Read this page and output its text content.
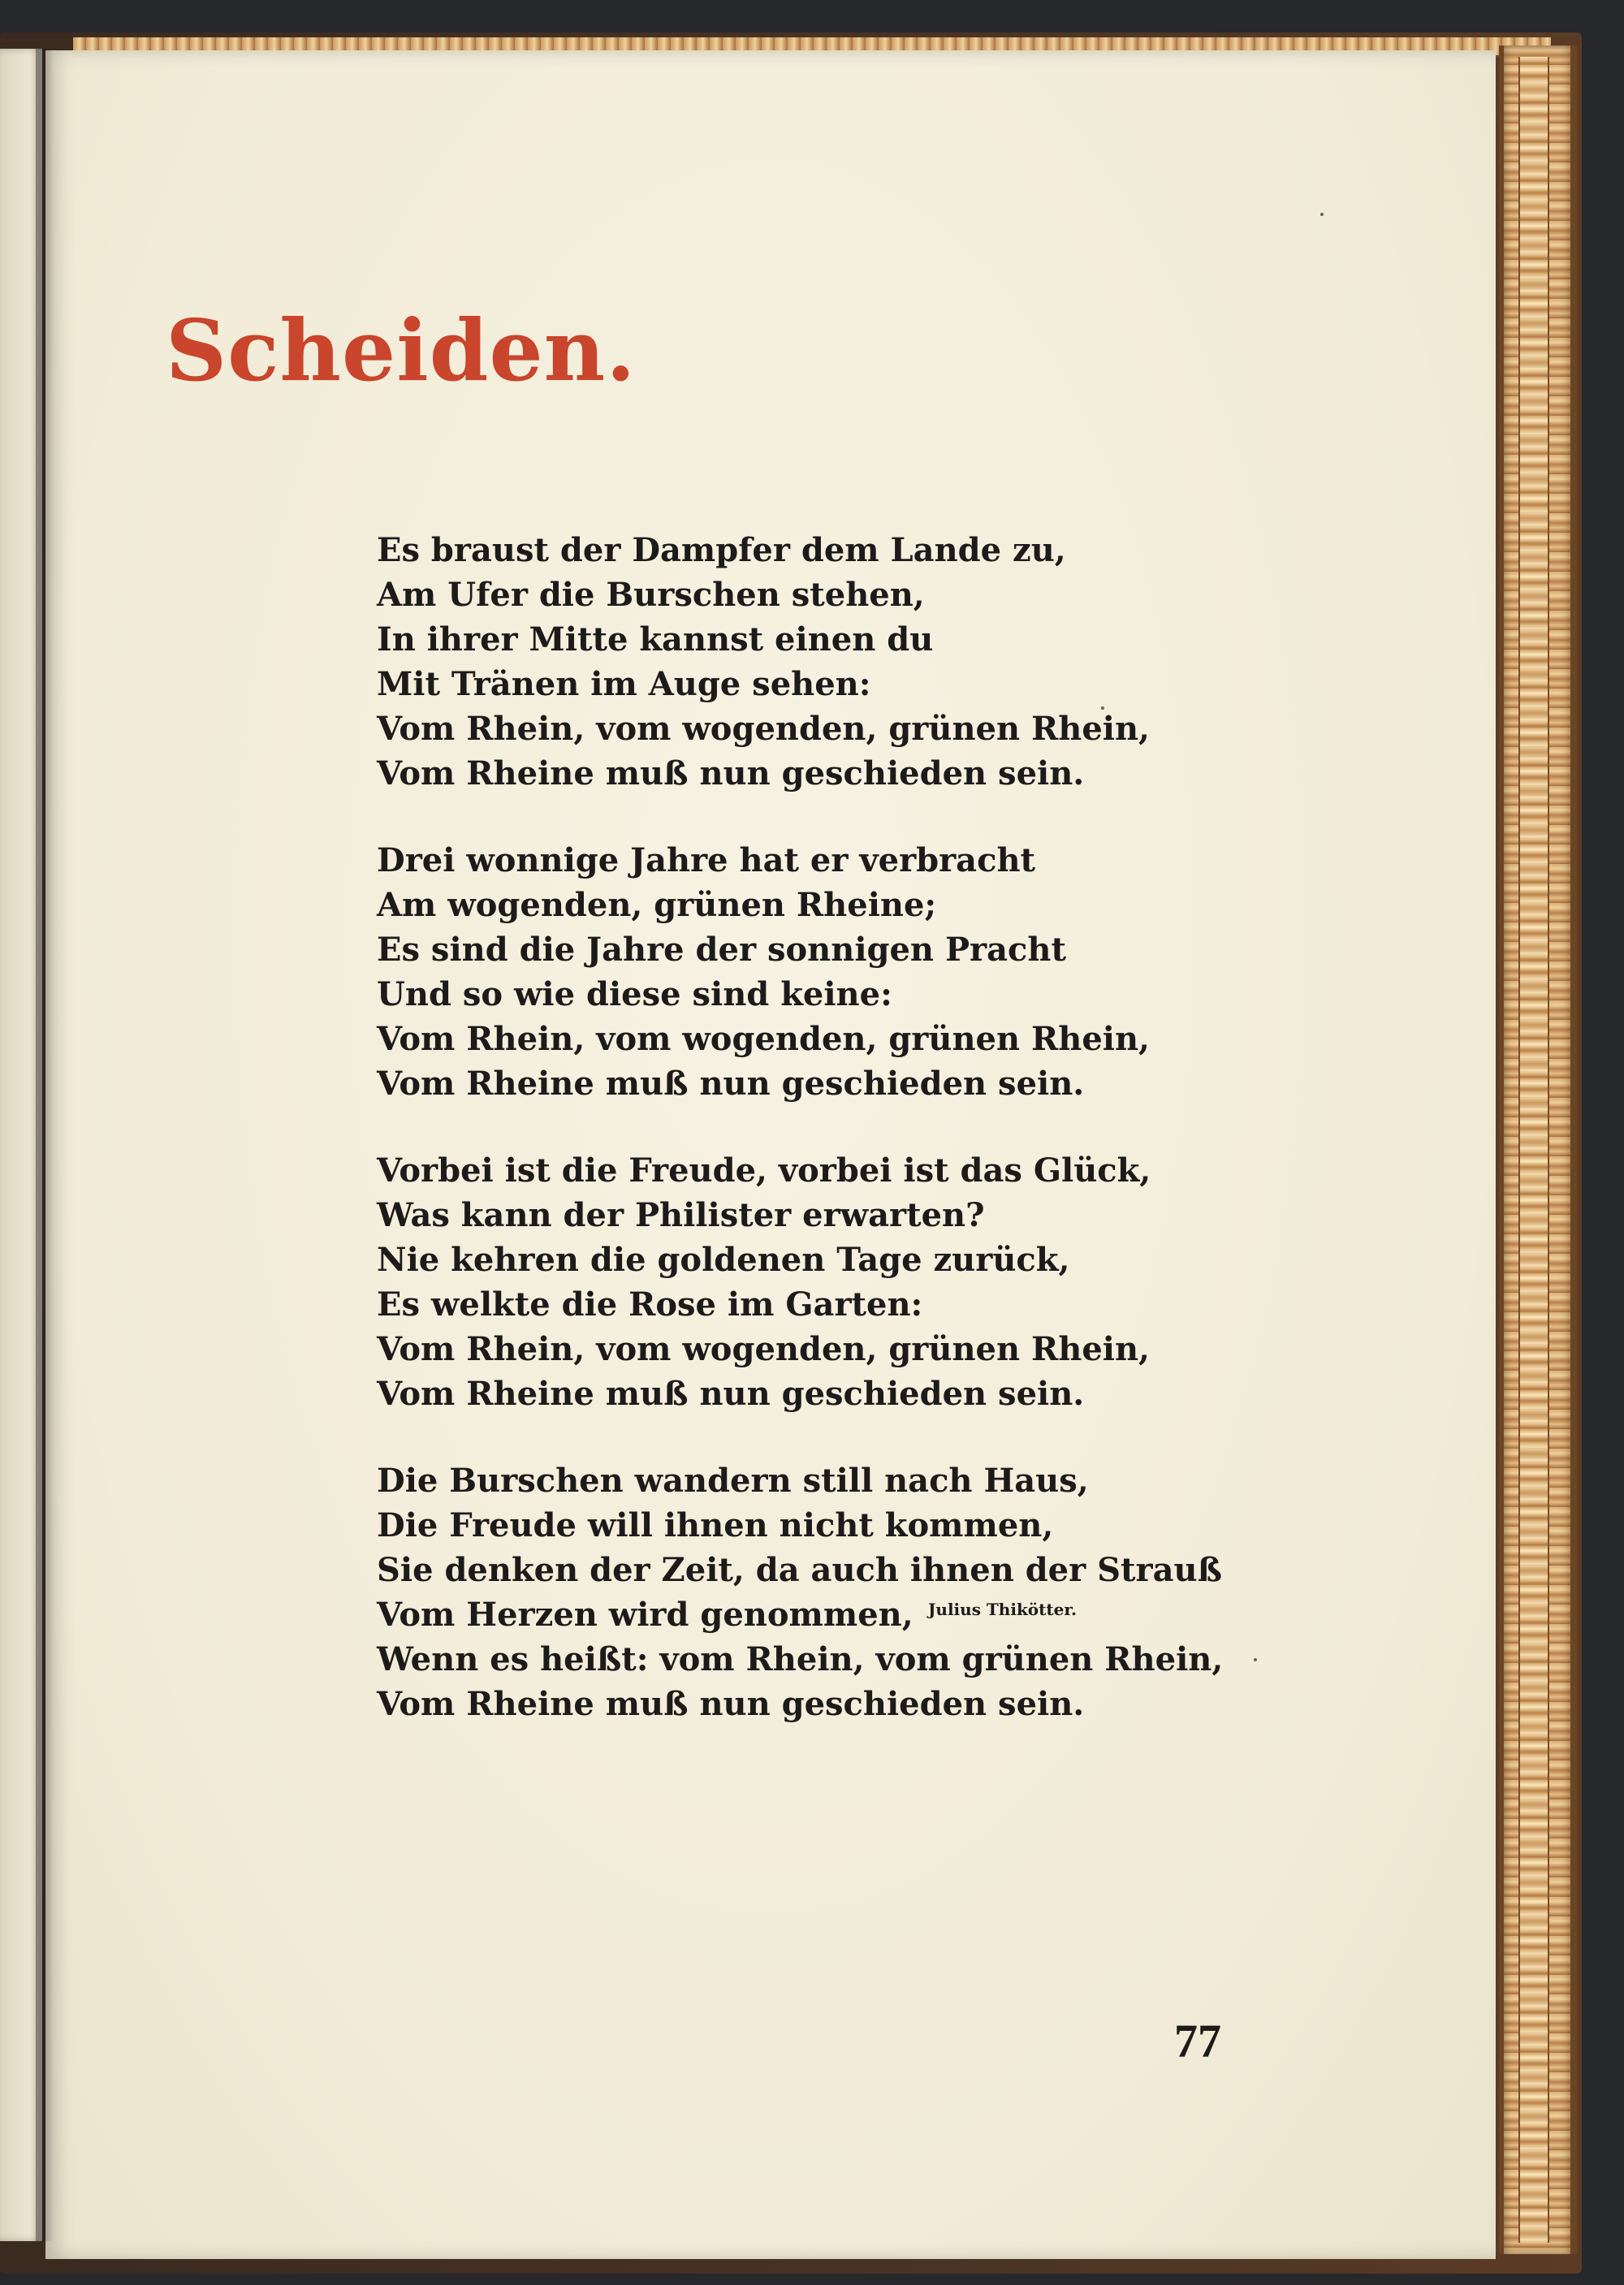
Scheiden.
Es braust der Dampfer dem Lande zu,
Am Ufer die Burschen stehen,
In ihrer Mitte kannst einen du
Mit Tränen im Auge sehen:
Vom Rhein, vom wogenden, grünen Rhein,
Vom Rheine muß nun geschieden sein.
Drei wonnige Jahre hat er verbracht
Am wogenden, grünen Rheine;
Es sind die Jahre der sonnigen Pracht
Und so wie diese sind keine:
Vom Rhein, vom wogenden, grünen Rhein,
Vom Rheine muß nun geschieden sein.
Vorbei ist die Freude, vorbei ist das Glück,
Was kann der Philister erwarten?
Nie kehren die goldenen Tage zurück,
Es welkte die Rose im Garten:
Vom Rhein, vom wogenden, grünen Rhein,
Vom Rheine muß nun geschieden sein.
Die Burschen wandern still nach Haus,
Die Freude will ihnen nicht kommen,
Sie denken der Zeit, da auch ihnen der Strauß
Vom Herzen wird genommen,
Wenn es heißt: vom Rhein, vom grünen Rhein,
Vom Rheine muß nun geschieden sein.
Julius Thikötter.
77
